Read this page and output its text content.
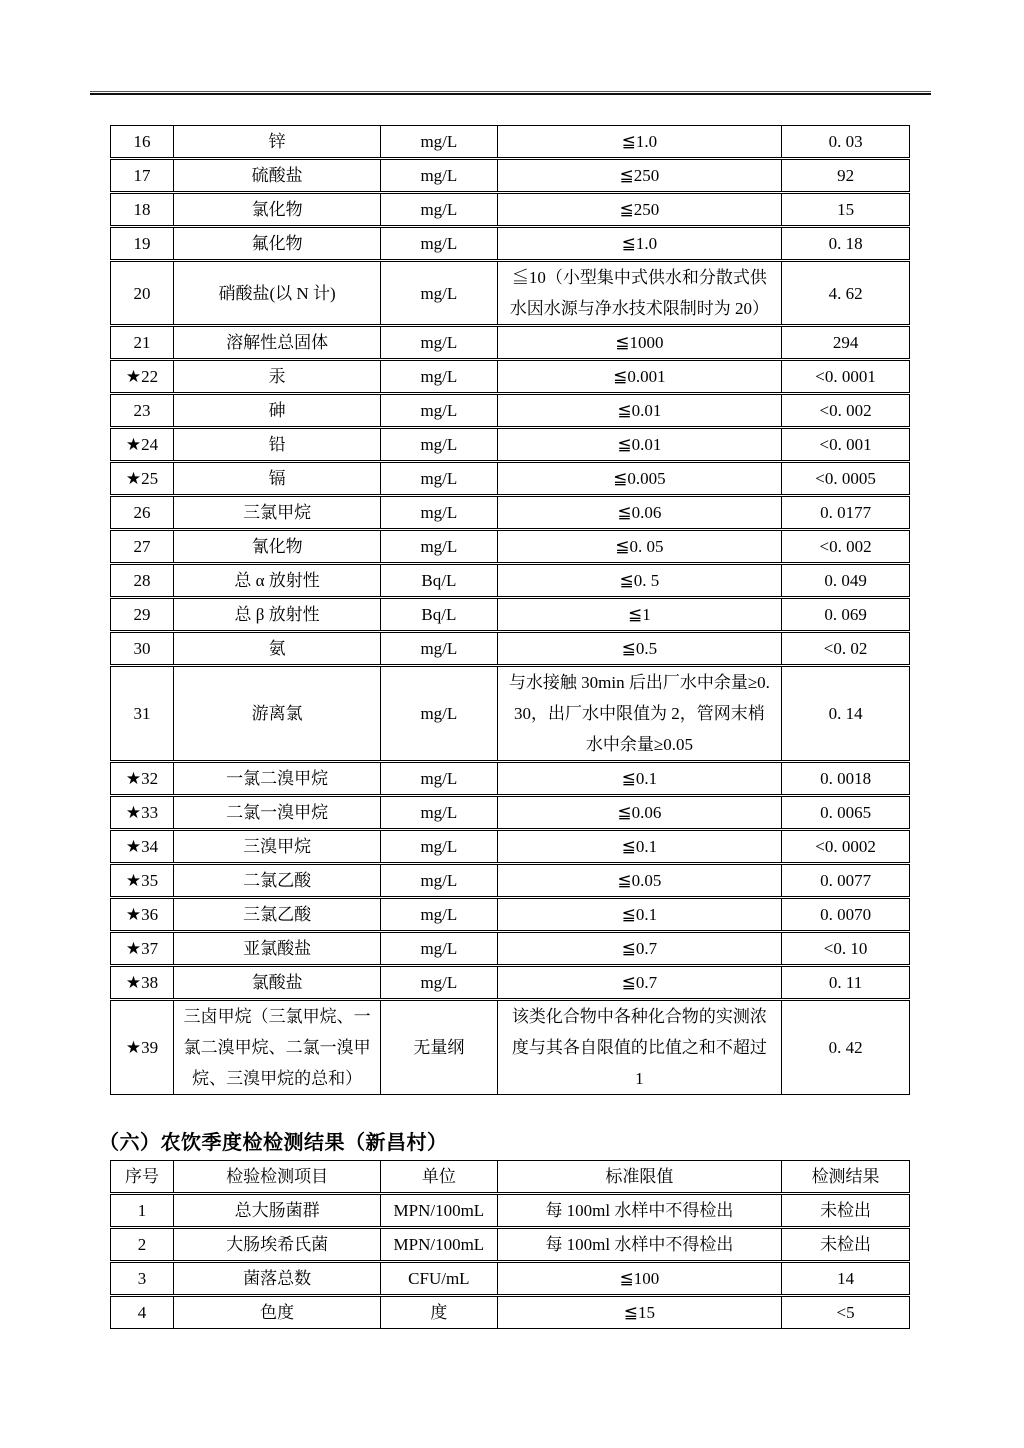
16	锌	mg/L	≦1.0	0. 03
17	硫酸盐	mg/L	≦250	92
18	氯化物	mg/L	≦250	15
19	氟化物	mg/L	≦1.0	0. 18
20	硝酸盐(以 N 计)	mg/L	≦10（小型集中式供水和分散式供水因水源与净水技术限制时为 20）	4. 62
21	溶解性总固体	mg/L	≦1000	294
★22	汞	mg/L	≦0.001	<0. 0001
23	砷	mg/L	≦0.01	<0. 002
★24	铅	mg/L	≦0.01	<0. 001
★25	镉	mg/L	≦0.005	<0. 0005
26	三氯甲烷	mg/L	≦0.06	0. 0177
27	氰化物	mg/L	≦0. 05	<0. 002
28	总 α 放射性	Bq/L	≦0. 5	0. 049
29	总 β 放射性	Bq/L	≦1	0. 069
30	氨	mg/L	≦0.5	<0. 02
31	游离氯	mg/L	与水接触 30min 后出厂水中余量≥0.30，出厂水中限值为 2，管网末梢水中余量≥0.05	0. 14
★32	一氯二溴甲烷	mg/L	≦0.1	0. 0018
★33	二氯一溴甲烷	mg/L	≦0.06	0. 0065
★34	三溴甲烷	mg/L	≦0.1	<0. 0002
★35	二氯乙酸	mg/L	≦0.05	0. 0077
★36	三氯乙酸	mg/L	≦0.1	0. 0070
★37	亚氯酸盐	mg/L	≦0.7	<0. 10
★38	氯酸盐	mg/L	≦0.7	0. 11
★39	三卤甲烷（三氯甲烷、一氯二溴甲烷、二氯一溴甲烷、三溴甲烷的总和）	无量纲	该类化合物中各种化合物的实测浓度与其各自限值的比值之和不超过 1	0. 42
（六）农饮季度检检测结果（新昌村）
序号	检验检测项目	单位	标准限值	检测结果
1	总大肠菌群	MPN/100mL	每 100ml 水样中不得检出	未检出
2	大肠埃希氏菌	MPN/100mL	每 100ml 水样中不得检出	未检出
3	菌落总数	CFU/mL	≦100	14
4	色度	度	≦15	<5
